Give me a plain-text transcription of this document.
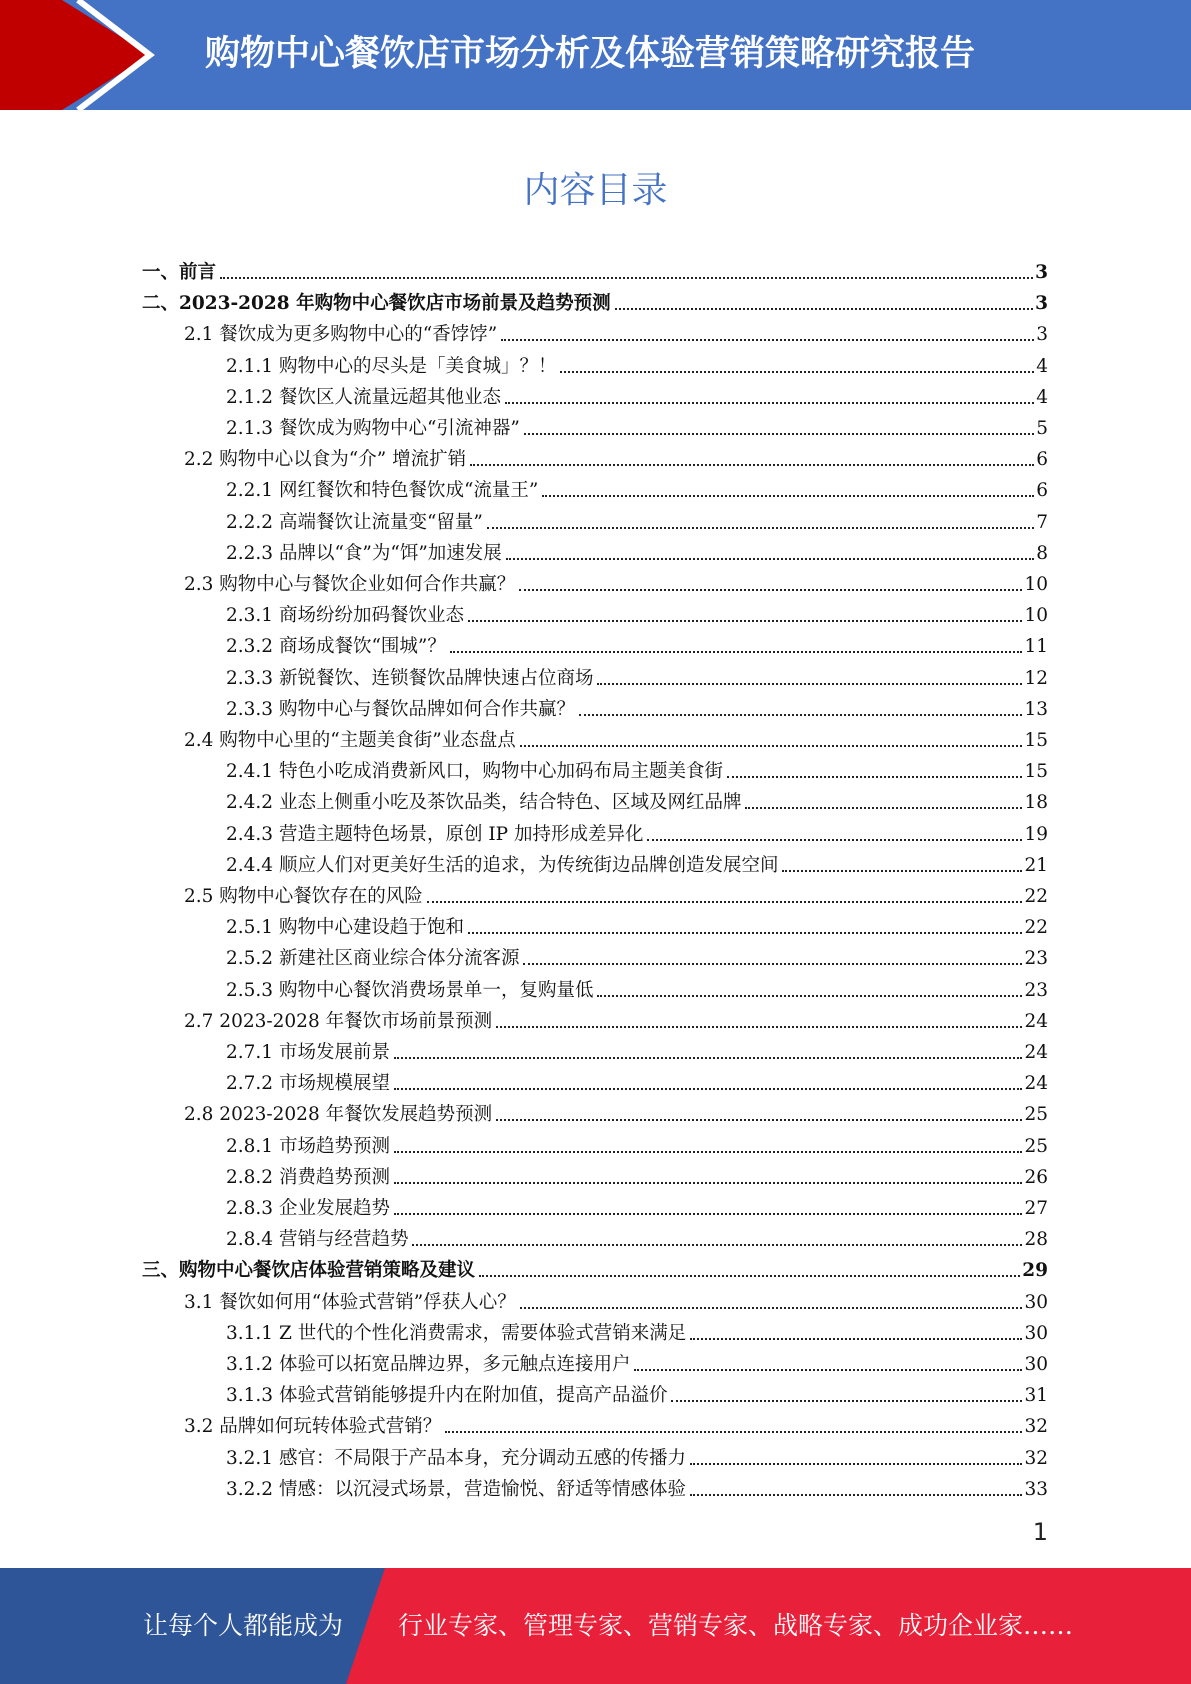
购物中心餐饮店市场分析及体验营销策略研究报告
内容目录
一、前言	3
二、2023-2028 年购物中心餐饮店市场前景及趋势预测	3
2.1 餐饮成为更多购物中心的“香饽饽”	3
2.1.1 购物中心的尽头是「美食城」？！	4
2.1.2 餐饮区人流量远超其他业态	4
2.1.3 餐饮成为购物中心“引流神器”	5
2.2 购物中心以食为“介” 增流扩销	6
2.2.1 网红餐饮和特色餐饮成“流量王”	6
2.2.2 高端餐饮让流量变“留量”	7
2.2.3 品牌以“食”为“饵”加速发展	8
2.3 购物中心与餐饮企业如何合作共赢？	10
2.3.1 商场纷纷加码餐饮业态	10
2.3.2 商场成餐饮“围城”？	11
2.3.3 新锐餐饮、连锁餐饮品牌快速占位商场	12
2.3.3 购物中心与餐饮品牌如何合作共赢？	13
2.4 购物中心里的“主题美食街”业态盘点	15
2.4.1 特色小吃成消费新风口，购物中心加码布局主题美食街	15
2.4.2 业态上侧重小吃及茶饮品类，结合特色、区域及网红品牌	18
2.4.3 营造主题特色场景，原创 IP 加持形成差异化	19
2.4.4 顺应人们对更美好生活的追求，为传统街边品牌创造发展空间	21
2.5 购物中心餐饮存在的风险	22
2.5.1 购物中心建设趋于饱和	22
2.5.2 新建社区商业综合体分流客源	23
2.5.3 购物中心餐饮消费场景单一，复购量低	23
2.7 2023-2028 年餐饮市场前景预测	24
2.7.1 市场发展前景	24
2.7.2 市场规模展望	24
2.8 2023-2028 年餐饮发展趋势预测	25
2.8.1 市场趋势预测	25
2.8.2 消费趋势预测	26
2.8.3 企业发展趋势	27
2.8.4 营销与经营趋势	28
三、购物中心餐饮店体验营销策略及建议	29
3.1 餐饮如何用“体验式营销”俘获人心？	30
3.1.1 Z 世代的个性化消费需求，需要体验式营销来满足	30
3.1.2 体验可以拓宽品牌边界，多元触点连接用户	30
3.1.3 体验式营销能够提升内在附加值，提高产品溢价	31
3.2 品牌如何玩转体验式营销？	32
3.2.1 感官：不局限于产品本身，充分调动五感的传播力	32
3.2.2 情感：以沉浸式场景，营造愉悦、舒适等情感体验	33
1
让每个人都能成为 行业专家、管理专家、营销专家、战略专家、成功企业家……
